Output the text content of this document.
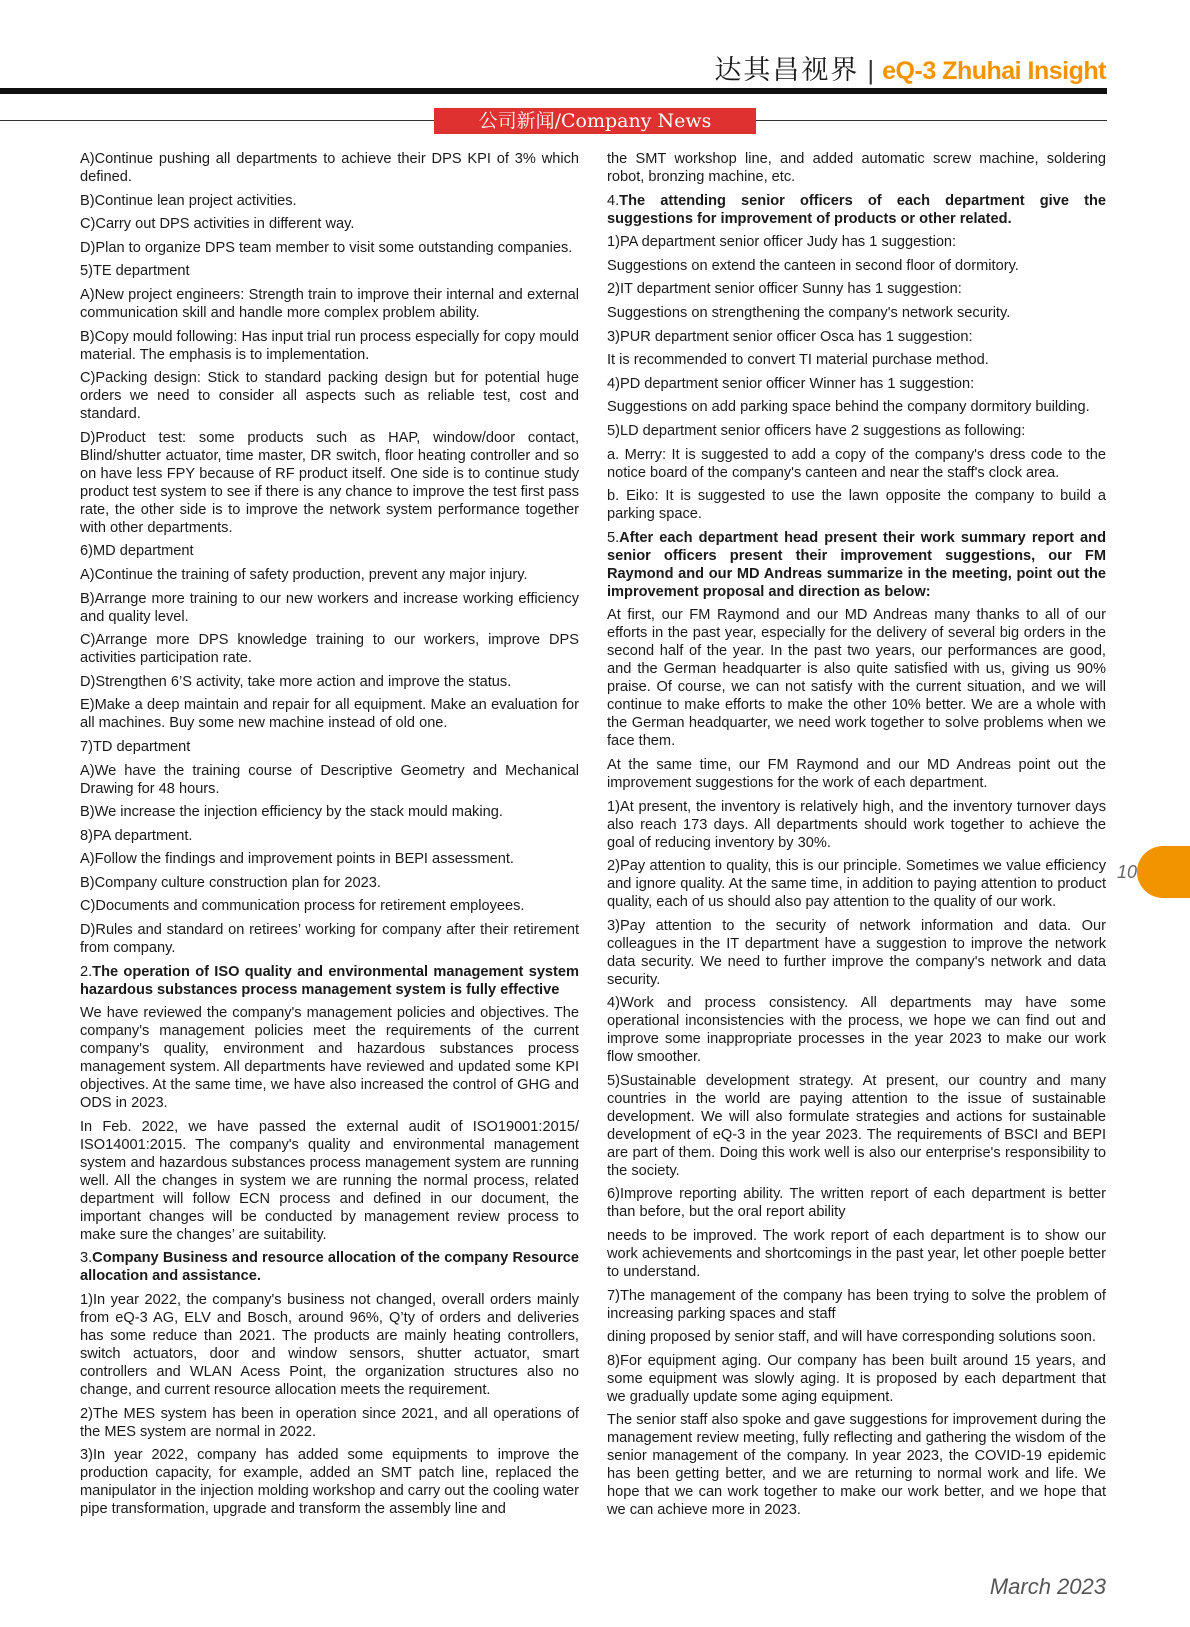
达其昌视界 | eQ-3 Zhuhai Insight
公司新闻/Company News

A)Continue pushing all departments to achieve their DPS KPI of 3% which defined.

B)Continue lean project activities.

C)Carry out DPS activities in different way.

D)Plan to organize DPS team member to visit some outstanding companies.

5)TE department

A)New project engineers: Strength train to improve their internal and external communication skill and handle more complex problem ability.

B)Copy mould following: Has input trial run process especially for copy mould material. The emphasis is to implementation.

C)Packing design: Stick to standard packing design but for potential huge orders we need to consider all aspects such as reliable test, cost and standard.

D)Product test: some products such as HAP, window/door contact, Blind/shutter actuator, time master, DR switch, floor heating controller and so on have less FPY because of RF product itself. One side is to continue study product test system to see if there is any chance to improve the test first pass rate, the other side is to improve the network system performance together with other departments.

6)MD department

A)Continue the training of safety production, prevent any major injury.

B)Arrange more training to our new workers and increase working efficiency and quality level.

C)Arrange more DPS knowledge training to our workers, improve DPS activities participation rate.

D)Strengthen 6’S activity, take more action and improve the status.

E)Make a deep maintain and repair for all equipment. Make an evaluation for all machines. Buy some new machine instead of old one.

7)TD department

A)We have the training course of Descriptive Geometry and Mechanical Drawing for 48 hours.

B)We increase the injection efficiency by the stack mould making.

8)PA department.

A)Follow the findings and improvement points in BEPI assessment.

B)Company culture construction plan for 2023.

C)Documents and communication process for retirement employees.

D)Rules and standard on retirees’ working for company after their retirement from company.

2.The operation of ISO quality and environmental management system hazardous substances process management system is fully effective

We have reviewed the company's management policies and objectives. The company's management policies meet the requirements of the current company's quality, environment and hazardous substances process management system. All departments have reviewed and updated some KPI objectives. At the same time, we have also increased the control of GHG and ODS in 2023.

In Feb. 2022, we have passed the external audit of ISO19001:2015/ ISO14001:2015. The company's quality and environmental management system and hazardous substances process management system are running well. All the changes in system we are running the normal process, related department will follow ECN process and defined in our document, the important changes will be conducted by management review process to make sure the changes’ are suitability.

3.Company Business and resource allocation of the company Resource allocation and assistance.

1)In year 2022, the company's business not changed, overall orders mainly from eQ-3 AG, ELV and Bosch, around 96%, Q’ty of orders and deliveries has some reduce than 2021. The products are mainly heating controllers, switch actuators, door and window sensors, shutter actuator, smart controllers and WLAN Acess Point, the organization structures also no change, and current resource allocation meets the requirement.

2)The MES system has been in operation since 2021, and all operations of the MES system are normal in 2022.

3)In year 2022, company has added some equipments to improve the production capacity, for example, added an SMT patch line, replaced the manipulator in the injection molding workshop and carry out the cooling water pipe transformation, upgrade and transform the assembly line and

the SMT workshop line, and added automatic screw machine, soldering robot, bronzing machine, etc.

4.The attending senior officers of each department give the suggestions for improvement of products or other related.

1)PA department senior officer Judy has 1 suggestion:

Suggestions on extend the canteen in second floor of dormitory.

2)IT department senior officer Sunny has 1 suggestion:

Suggestions on strengthening the company's network security.

3)PUR department senior officer Osca has 1 suggestion:

It is recommended to convert TI material purchase method.

4)PD department senior officer Winner has 1 suggestion:

Suggestions on add parking space behind the company dormitory building.

5)LD department senior officers have 2 suggestions as following:

a. Merry: It is suggested to add a copy of the company's dress code to the notice board of the company's canteen and near the staff's clock area.

b. Eiko: It is suggested to use the lawn opposite the company to build a parking space.

5.After each department head present their work summary report and senior officers present their improvement suggestions, our FM Raymond and our MD Andreas summarize in the meeting, point out the improvement proposal and direction as below:

At first, our FM Raymond and our MD Andreas many thanks to all of our efforts in the past year, especially for the delivery of several big orders in the second half of the year. In the past two years, our performances are good, and the German headquarter is also quite satisfied with us, giving us 90% praise. Of course, we can not satisfy with the current situation, and we will continue to make efforts to make the other 10% better. We are a whole with the German headquarter, we need work together to solve problems when we face them.

At the same time, our FM Raymond and our MD Andreas point out the improvement suggestions for the work of each department.

1)At present, the inventory is relatively high, and the inventory turnover days also reach 173 days. All departments should work together to achieve the goal of reducing inventory by 30%.

2)Pay attention to quality, this is our principle. Sometimes we value efficiency and ignore quality. At the same time, in addition to paying attention to product quality, each of us should also pay attention to the quality of our work.

3)Pay attention to the security of network information and data. Our colleagues in the IT department have a suggestion to improve the network data security. We need to further improve the company's network and data security.

4)Work and process consistency. All departments may have some operational inconsistencies with the process, we hope we can find out and improve some inappropriate processes in the year 2023 to make our work flow smoother.

5)Sustainable development strategy. At present, our country and many countries in the world are paying attention to the issue of sustainable development. We will also formulate strategies and actions for sustainable development of eQ-3 in the year 2023. The requirements of BSCI and BEPI are part of them. Doing this work well is also our enterprise's responsibility to the society.

6)Improve reporting ability. The written report of each department is better than before, but the oral report ability

needs to be improved. The work report of each department is to show our work achievements and shortcomings in the past year, let other poeple better to understand.

7)The management of the company has been trying to solve the problem of increasing parking spaces and staff

dining proposed by senior staff, and will have corresponding solutions soon.

8)For equipment aging. Our company has been built around 15 years, and some equipment was slowly aging. It is proposed by each department that we gradually update some aging equipment.

The senior staff also spoke and gave suggestions for improvement during the management review meeting, fully reflecting and gathering the wisdom of the senior management of the company. In year 2023, the COVID-19 epidemic has been getting better, and we are returning to normal work and life. We hope that we can work together to make our work better, and we hope that we can achieve more in 2023.

10
March 2023
